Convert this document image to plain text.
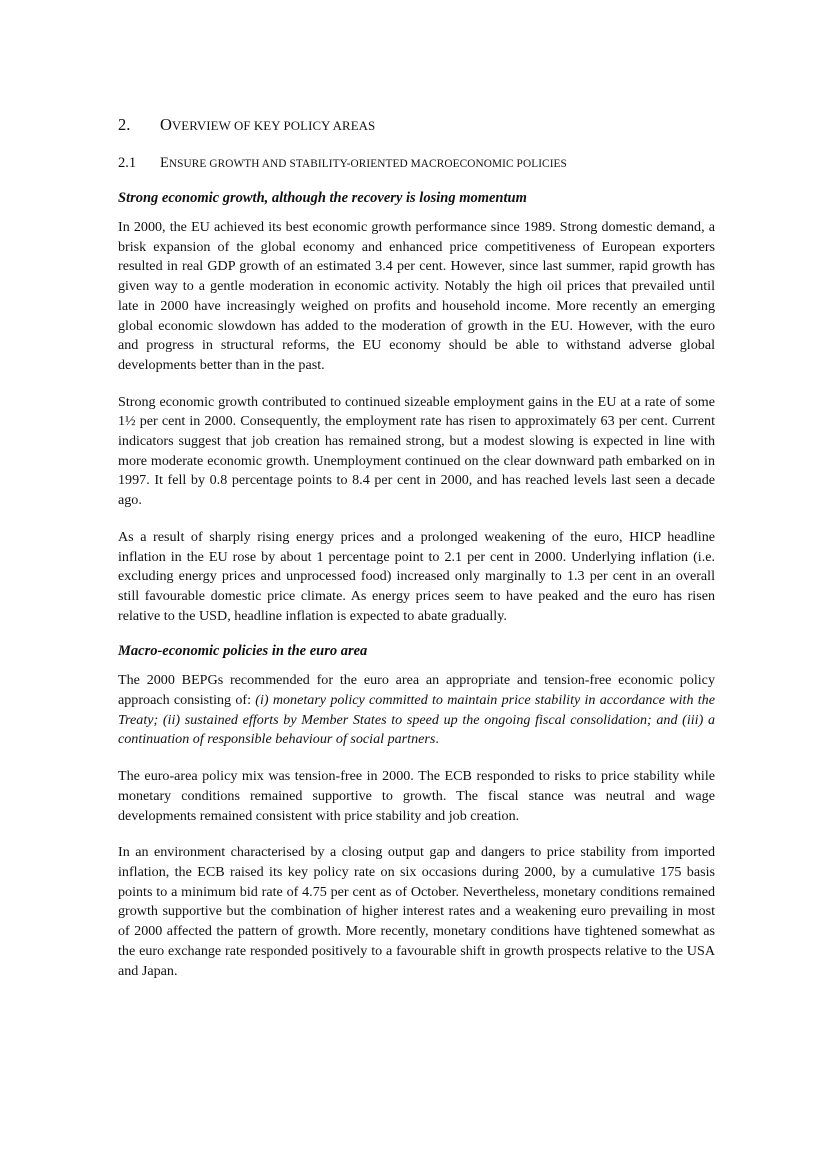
2.	OVERVIEW OF KEY POLICY AREAS
2.1	ENSURE GROWTH AND STABILITY-ORIENTED MACROECONOMIC POLICIES
Strong economic growth, although the recovery is losing momentum

In 2000, the EU achieved its best economic growth performance since 1989. Strong domestic demand, a brisk expansion of the global economy and enhanced price competitiveness of European exporters resulted in real GDP growth of an estimated 3.4 per cent. However, since last summer, rapid growth has given way to a gentle moderation in economic activity. Notably the high oil prices that prevailed until late in 2000 have increasingly weighed on profits and household income. More recently an emerging global economic slowdown has added to the moderation of growth in the EU. However, with the euro and progress in structural reforms, the EU economy should be able to withstand adverse global developments better than in the past.

Strong economic growth contributed to continued sizeable employment gains in the EU at a rate of some 1½ per cent in 2000. Consequently, the employment rate has risen to approximately 63 per cent. Current indicators suggest that job creation has remained strong, but a modest slowing is expected in line with more moderate economic growth. Unemployment continued on the clear downward path embarked on in 1997. It fell by 0.8 percentage points to 8.4 per cent in 2000, and has reached levels last seen a decade ago.

As a result of sharply rising energy prices and a prolonged weakening of the euro, HICP headline inflation in the EU rose by about 1 percentage point to 2.1 per cent in 2000. Underlying inflation (i.e. excluding energy prices and unprocessed food) increased only marginally to 1.3 per cent in an overall still favourable domestic price climate. As energy prices seem to have peaked and the euro has risen relative to the USD, headline inflation is expected to abate gradually.

Macro-economic policies in the euro area

The 2000 BEPGs recommended for the euro area an appropriate and tension-free economic policy approach consisting of: (i) monetary policy committed to maintain price stability in accordance with the Treaty; (ii) sustained efforts by Member States to speed up the ongoing fiscal consolidation; and (iii) a continuation of responsible behaviour of social partners.

The euro-area policy mix was tension-free in 2000. The ECB responded to risks to price stability while monetary conditions remained supportive to growth. The fiscal stance was neutral and wage developments remained consistent with price stability and job creation.

In an environment characterised by a closing output gap and dangers to price stability from imported inflation, the ECB raised its key policy rate on six occasions during 2000, by a cumulative 175 basis points to a minimum bid rate of 4.75 per cent as of October. Nevertheless, monetary conditions remained growth supportive but the combination of higher interest rates and a weakening euro prevailing in most of 2000 affected the pattern of growth. More recently, monetary conditions have tightened somewhat as the euro exchange rate responded positively to a favourable shift in growth prospects relative to the USA and Japan.
